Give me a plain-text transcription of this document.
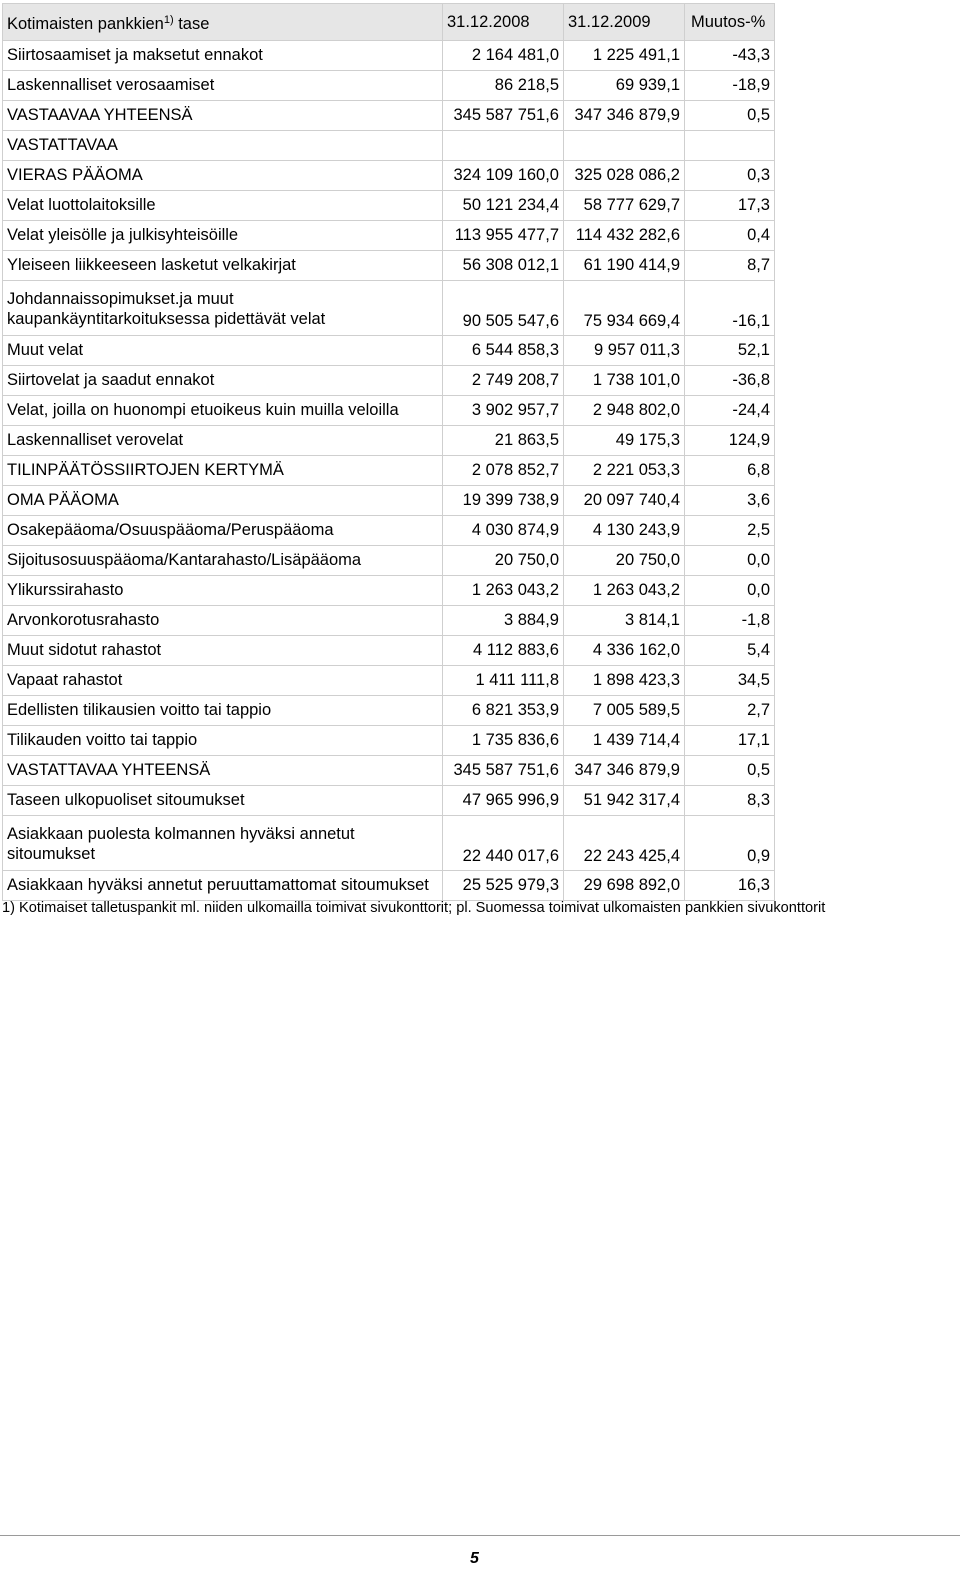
Kotimaisten pankkien$^{1)}$ tase	31.12.2008	31.12.2009	Muutos-%
Siirtosaamiset ja maksetut ennakot	2 164 481,0	1 225 491,1	-43,3
Laskennalliset verosaamiset	86 218,5	69 939,1	-18,9
VASTAAVAA YHTEENSÄ	345 587 751,6	347 346 879,9	0,5
VASTATTAVAA			
VIERAS PÄÄOMA	324 109 160,0	325 028 086,2	0,3
Velat luottolaitoksille	50 121 234,4	58 777 629,7	17,3
Velat yleisölle ja julkisyhteisöille	113 955 477,7	114 432 282,6	0,4
Yleiseen liikkeeseen lasketut velkakirjat	56 308 012,1	61 190 414,9	8,7
Johdannaissopimukset.ja muut kaupankäyntitarkoituksessa pidettävät velat	90 505 547,6	75 934 669,4	-16,1
Muut velat	6 544 858,3	9 957 011,3	52,1
Siirtovelat ja saadut ennakot	2 749 208,7	1 738 101,0	-36,8
Velat, joilla on huonompi etuoikeus kuin muilla veloilla	3 902 957,7	2 948 802,0	-24,4
Laskennalliset verovelat	21 863,5	49 175,3	124,9
TILINPÄÄTÖSSIIRTOJEN KERTYMÄ	2 078 852,7	2 221 053,3	6,8
OMA PÄÄOMA	19 399 738,9	20 097 740,4	3,6
Osakepääoma/Osuuspääoma/Peruspääoma	4 030 874,9	4 130 243,9	2,5
Sijoitusosuuspääoma/Kantarahasto/Lisäpääoma	20 750,0	20 750,0	0,0
Ylikurssirahasto	1 263 043,2	1 263 043,2	0,0
Arvonkorotusrahasto	3 884,9	3 814,1	-1,8
Muut sidotut rahastot	4 112 883,6	4 336 162,0	5,4
Vapaat rahastot	1 411 111,8	1 898 423,3	34,5
Edellisten tilikausien voitto tai tappio	6 821 353,9	7 005 589,5	2,7
Tilikauden voitto tai tappio	1 735 836,6	1 439 714,4	17,1
VASTATTAVAA YHTEENSÄ	345 587 751,6	347 346 879,9	0,5
Taseen ulkopuoliset sitoumukset	47 965 996,9	51 942 317,4	8,3
Asiakkaan puolesta kolmannen hyväksi annetut sitoumukset	22 440 017,6	22 243 425,4	0,9
Asiakkaan hyväksi annetut peruuttamattomat sitoumukset	25 525 979,3	29 698 892,0	16,3
1) Kotimaiset talletuspankit ml. niiden ulkomailla toimivat sivukonttorit; pl. Suomessa toimivat ulkomaisten pankkien sivukonttorit
5
